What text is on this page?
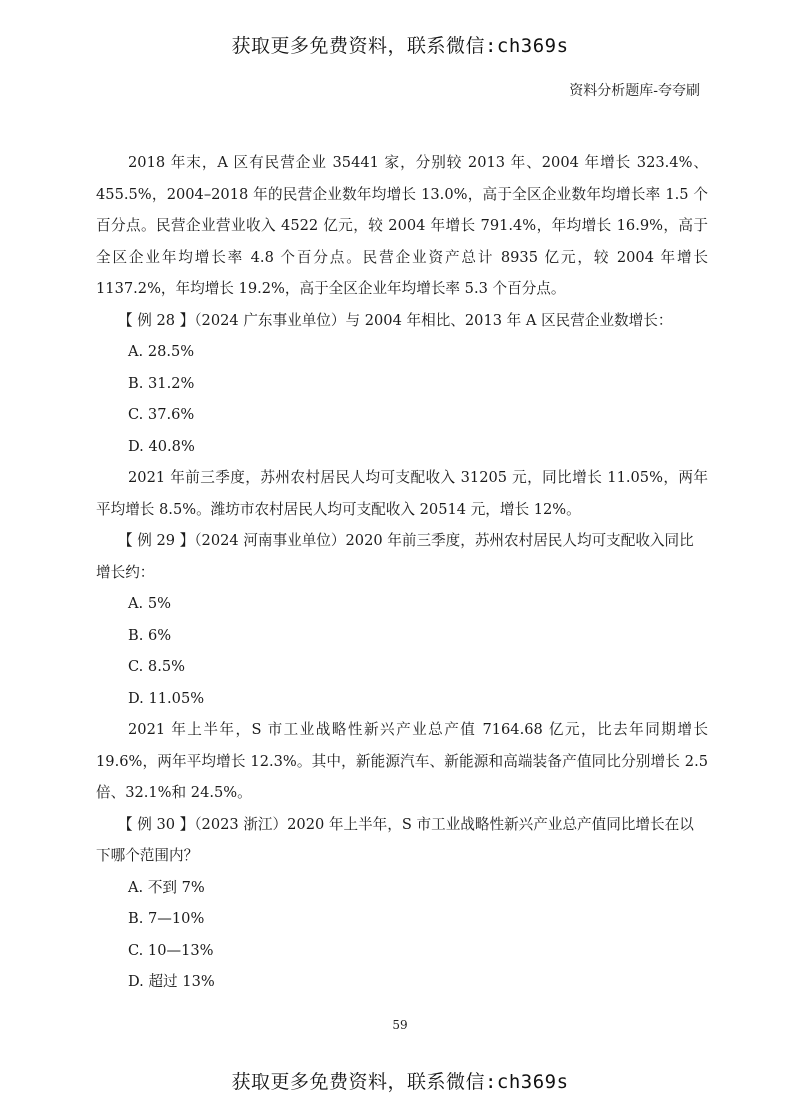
获取更多免费资料，联系微信:ch369s
资料分析题库-夸夸刷

2018 年末，A 区有民营企业 35441 家，分别较 2013 年、2004 年增长 323.4%、455.5%，2004–2018 年的民营企业数年均增长 13.0%，高于全区企业数年均增长率 1.5 个百分点。民营企业营业收入 4522 亿元，较 2004 年增长 791.4%，年均增长 16.9%，高于全区企业年均增长率 4.8 个百分点。民营企业资产总计 8935 亿元，较 2004 年增长 1137.2%，年均增长 19.2%，高于全区企业年均增长率 5.3 个百分点。

【 例 28 】（2024 广东事业单位）与 2004 年相比、2013 年 A 区民营企业数增长：

A. 28.5%

B. 31.2%

C. 37.6%

D. 40.8%

2021 年前三季度，苏州农村居民人均可支配收入 31205 元，同比增长 11.05%，两年平均增长 8.5%。潍坊市农村居民人均可支配收入 20514 元，增长 12%。

【 例 29 】（2024 河南事业单位）2020 年前三季度，苏州农村居民人均可支配收入同比增长约：

A. 5%

B. 6%

C. 8.5%

D. 11.05%

2021 年上半年，S 市工业战略性新兴产业总产值 7164.68 亿元，比去年同期增长 19.6%，两年平均增长 12.3%。其中，新能源汽车、新能源和高端装备产值同比分别增长 2.5 倍、32.1%和 24.5%。

【 例 30 】（2023 浙江）2020 年上半年，S 市工业战略性新兴产业总产值同比增长在以下哪个范围内？

A. 不到 7%

B. 7—10%

C. 10—13%

D. 超过 13%

59
获取更多免费资料，联系微信:ch369s
